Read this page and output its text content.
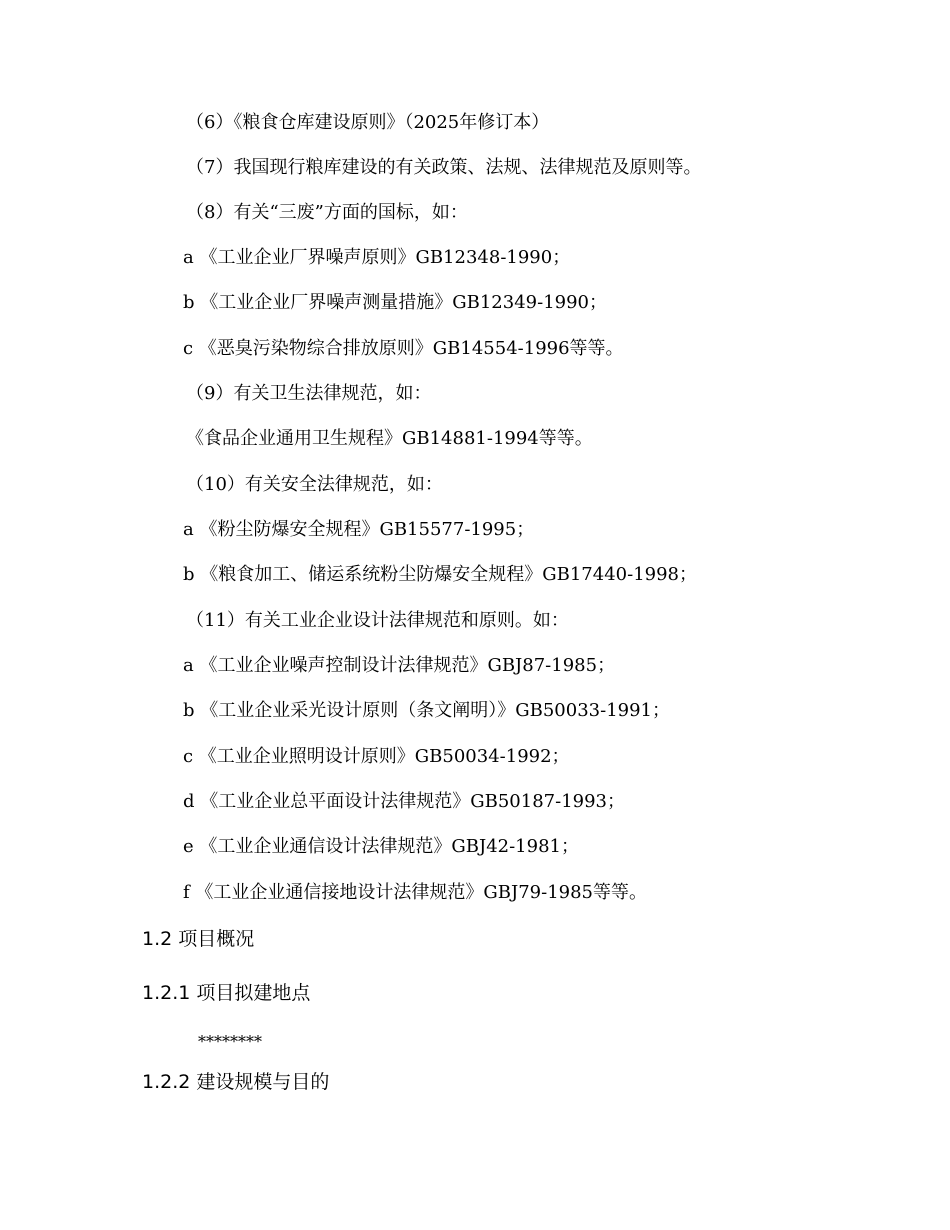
（6）《粮食仓库建设原则》（2025年修订本）
（7）我国现行粮库建设的有关政策、法规、法律规范及原则等。
（8）有关“三废”方面的国标，如：
a 《工业企业厂界噪声原则》GB12348-1990；
b 《工业企业厂界噪声测量措施》GB12349-1990；
c 《恶臭污染物综合排放原则》GB14554-1996等等。
（9）有关卫生法律规范，如：
《食品企业通用卫生规程》GB14881-1994等等。
（10）有关安全法律规范，如：
a 《粉尘防爆安全规程》GB15577-1995；
b 《粮食加工、储运系统粉尘防爆安全规程》GB17440-1998；
（11）有关工业企业设计法律规范和原则。如：
a 《工业企业噪声控制设计法律规范》GBJ87-1985；
b 《工业企业采光设计原则（条文阐明）》GB50033-1991；
c 《工业企业照明设计原则》GB50034-1992；
d 《工业企业总平面设计法律规范》GB50187-1993；
e 《工业企业通信设计法律规范》GBJ42-1981；
f 《工业企业通信接地设计法律规范》GBJ79-1985等等。
1.2 项目概况
1.2.1 项目拟建地点
********
1.2.2 建设规模与目的
